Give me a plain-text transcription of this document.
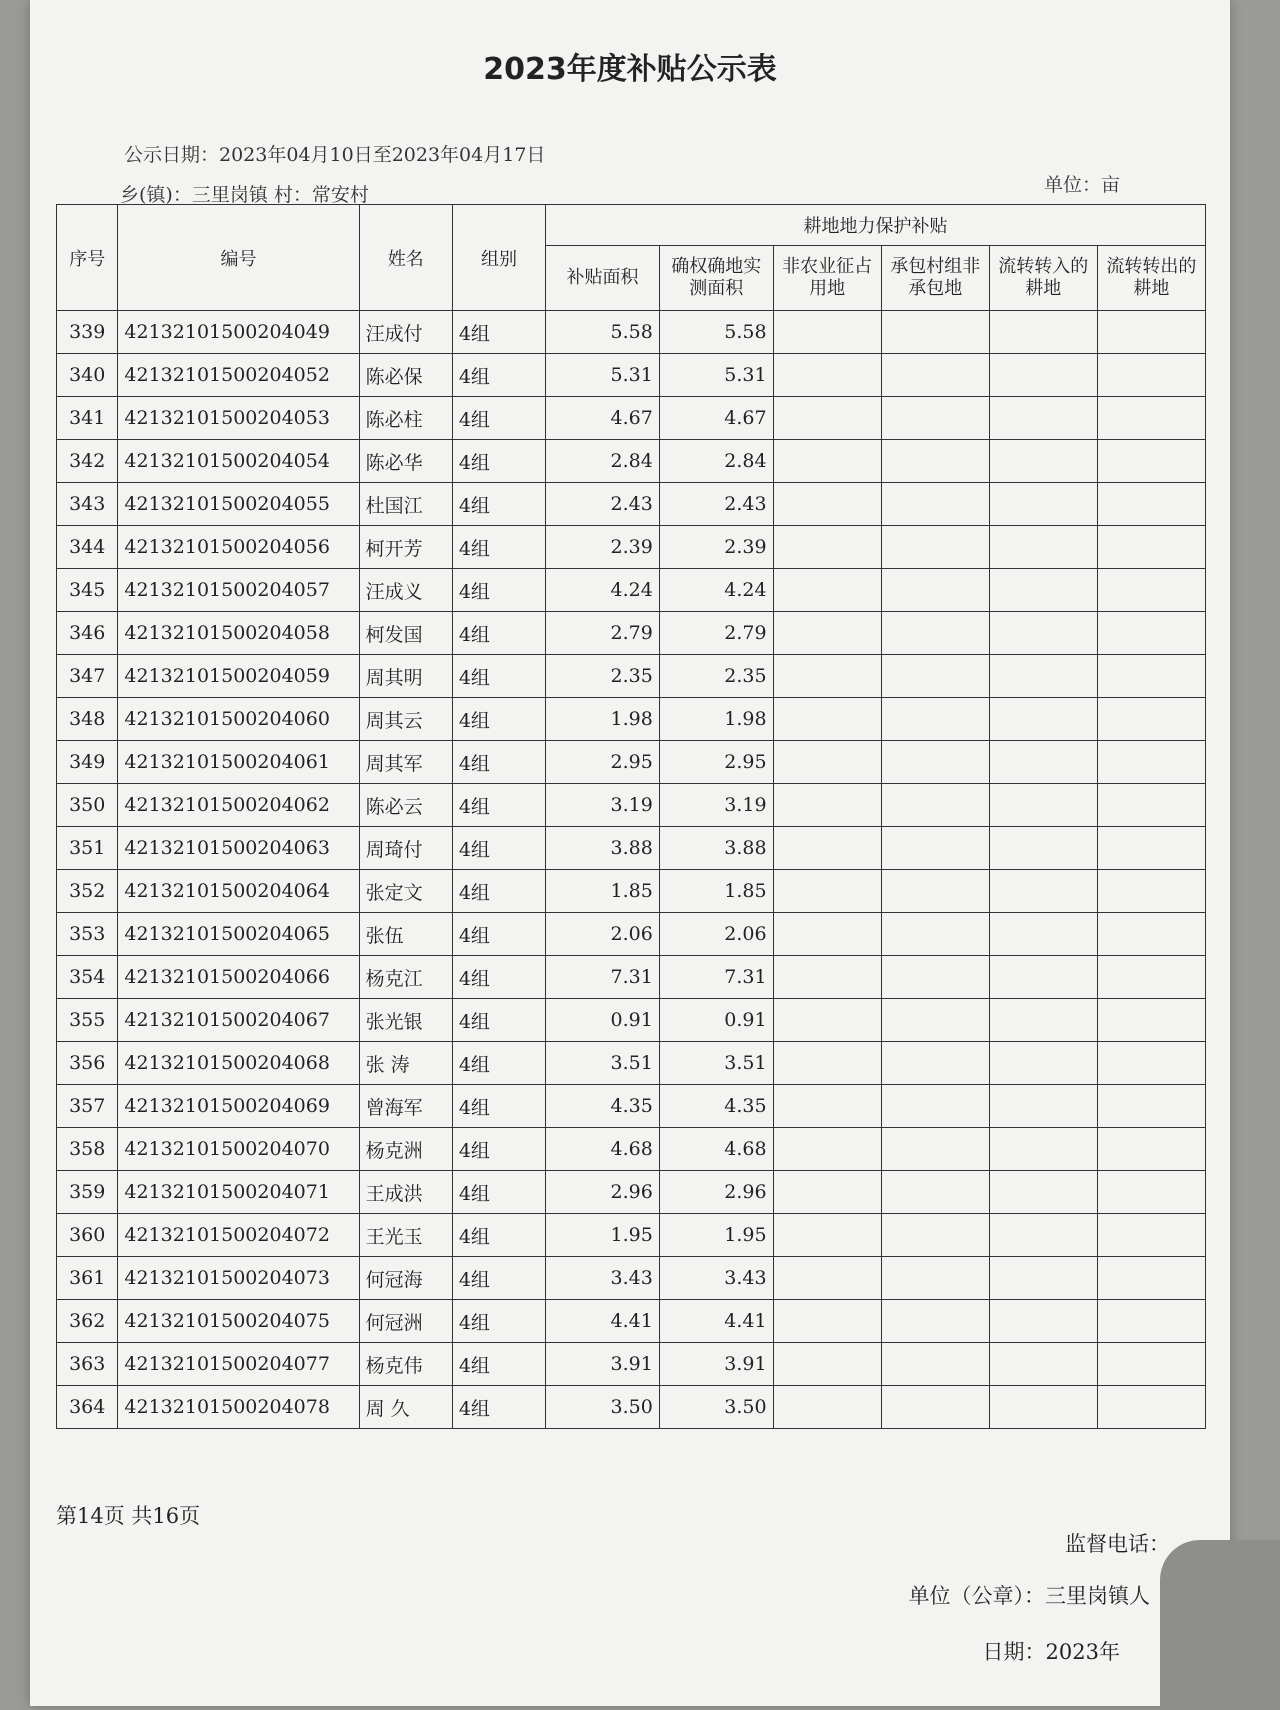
2023年度补贴公示表
公示日期：2023年04月10日至2023年04月17日
乡(镇)：三里岗镇 村：常安村	单位：亩
序号	编号	姓名	组别	耕地地力保护补贴					
				补贴面积	确权确地实测面积	非农业征占用地	承包村组非承包地	流转转入的耕地	流转转出的耕地
339	42132101500204049	汪成付	4组	5.58	5.58				
340	42132101500204052	陈必保	4组	5.31	5.31				
341	42132101500204053	陈必柱	4组	4.67	4.67				
342	42132101500204054	陈必华	4组	2.84	2.84				
343	42132101500204055	杜国江	4组	2.43	2.43				
344	42132101500204056	柯开芳	4组	2.39	2.39				
345	42132101500204057	汪成义	4组	4.24	4.24				
346	42132101500204058	柯发国	4组	2.79	2.79				
347	42132101500204059	周其明	4组	2.35	2.35				
348	42132101500204060	周其云	4组	1.98	1.98				
349	42132101500204061	周其军	4组	2.95	2.95				
350	42132101500204062	陈必云	4组	3.19	3.19				
351	42132101500204063	周琦付	4组	3.88	3.88				
352	42132101500204064	张定文	4组	1.85	1.85				
353	42132101500204065	张伍	4组	2.06	2.06				
354	42132101500204066	杨克江	4组	7.31	7.31				
355	42132101500204067	张光银	4组	0.91	0.91				
356	42132101500204068	张 涛	4组	3.51	3.51				
357	42132101500204069	曾海军	4组	4.35	4.35				
358	42132101500204070	杨克洲	4组	4.68	4.68				
359	42132101500204071	王成洪	4组	2.96	2.96				
360	42132101500204072	王光玉	4组	1.95	1.95				
361	42132101500204073	何冠海	4组	3.43	3.43				
362	42132101500204075	何冠洲	4组	4.41	4.41				
363	42132101500204077	杨克伟	4组	3.91	3.91				
364	42132101500204078	周 久	4组	3.50	3.50				
第14页 共16页
监督电话：
单位（公章）：三里岗镇人
日期：2023年
